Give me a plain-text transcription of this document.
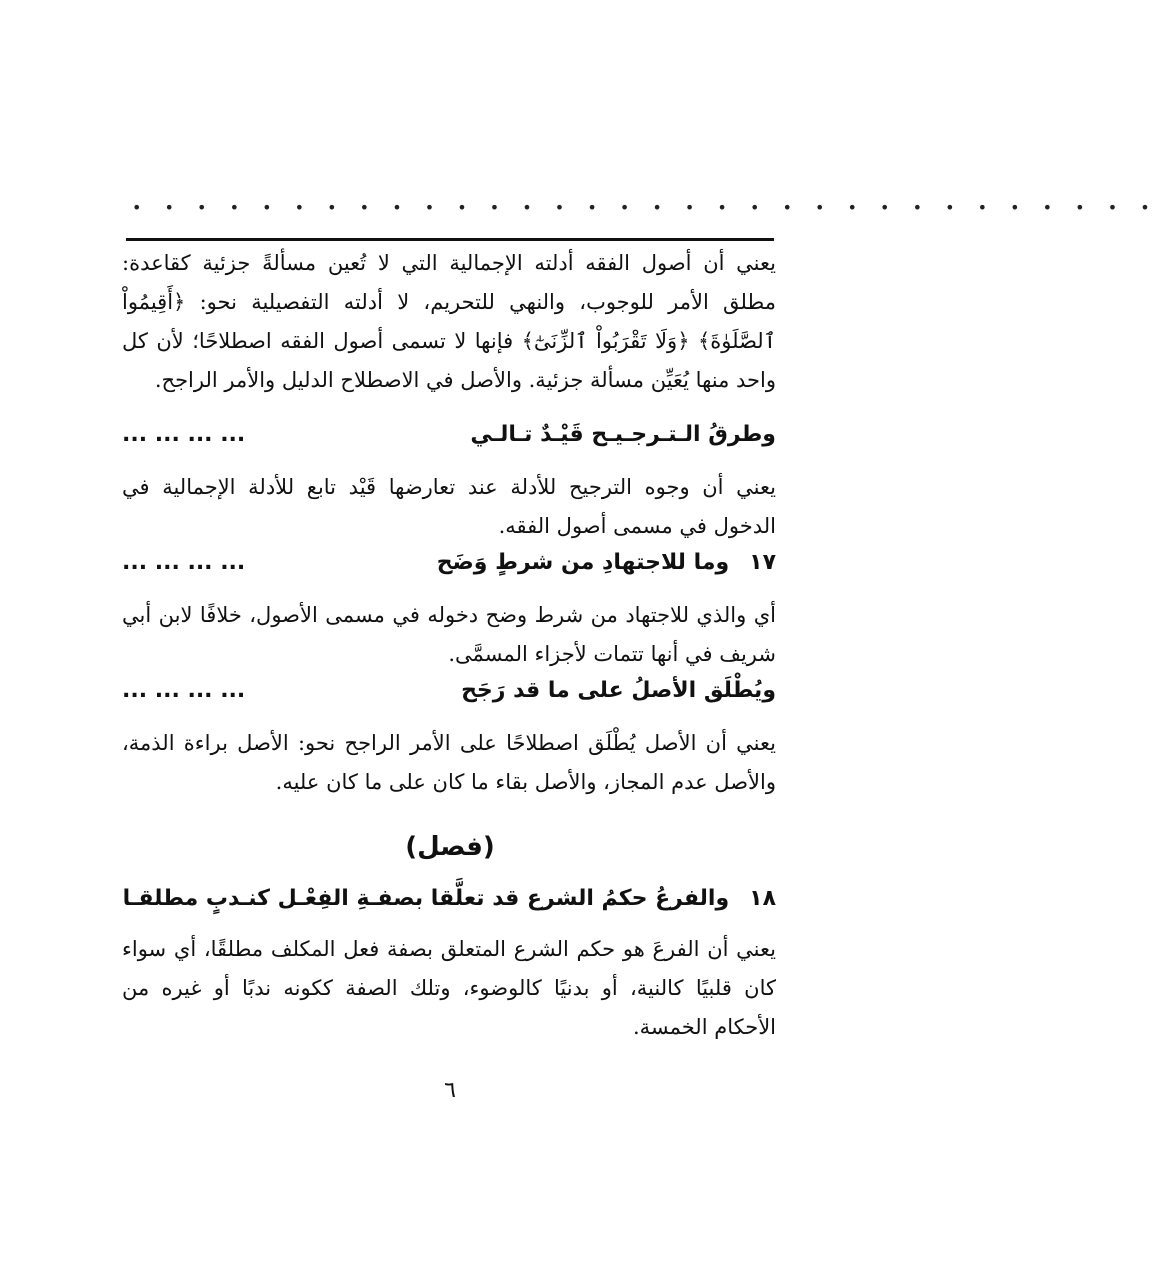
• • • • • • • • • • • • • • • • • • • • • • • • • • • • • • • •

يعني أن أصول الفقه أدلته الإجمالية التي لا تُعين مسألةً جزئية كقاعدة: مطلق الأمر للوجوب، والنهي للتحريم، لا أدلته التفصيلية نحو: ﴿أَقِيمُواْ ٱلصَّلَوٰةَ﴾ ﴿وَلَا تَقْرَبُواْ ٱلزِّنَىٰٓ﴾ فإنها لا تسمى أصول الفقه اصطلاحًا؛ لأن كل واحد منها يُعَيِّن مسألة جزئية. والأصل في الاصطلاح الدليل والأمر الراجح.

وطرقُ الـتـرجـيـح قَيْـدٌ تـالـي
... ... ... ...

يعني أن وجوه الترجيح للأدلة عند تعارضها قَيْد تابع للأدلة الإجمالية في الدخول في مسمى أصول الفقه.

١٧
وما للاجتهادِ من شرطٍ وَضَح
... ... ... ...

أي والذي للاجتهاد من شرط وضح دخوله في مسمى الأصول، خلافًا لابن أبي شريف في أنها تتمات لأجزاء المسمَّى.

ويُطْلَق الأصلُ على ما قد رَجَح
... ... ... ...

يعني أن الأصل يُطْلَق اصطلاحًا على الأمر الراجح نحو: الأصل براءة الذمة، والأصل عدم المجاز، والأصل بقاء ما كان على ما كان عليه.

(فصل)
١٨
والفرعُ حكمُ الشرع قد تعلَّقا بصفـةِ الفِعْـل كنـدبٍ مطلقـا

يعني أن الفرعَ هو حكم الشرع المتعلق بصفة فعل المكلف مطلقًا، أي سواء كان قلبيًا كالنية، أو بدنيًا كالوضوء، وتلك الصفة ككونه ندبًا أو غيره من الأحكام الخمسة.

٦
